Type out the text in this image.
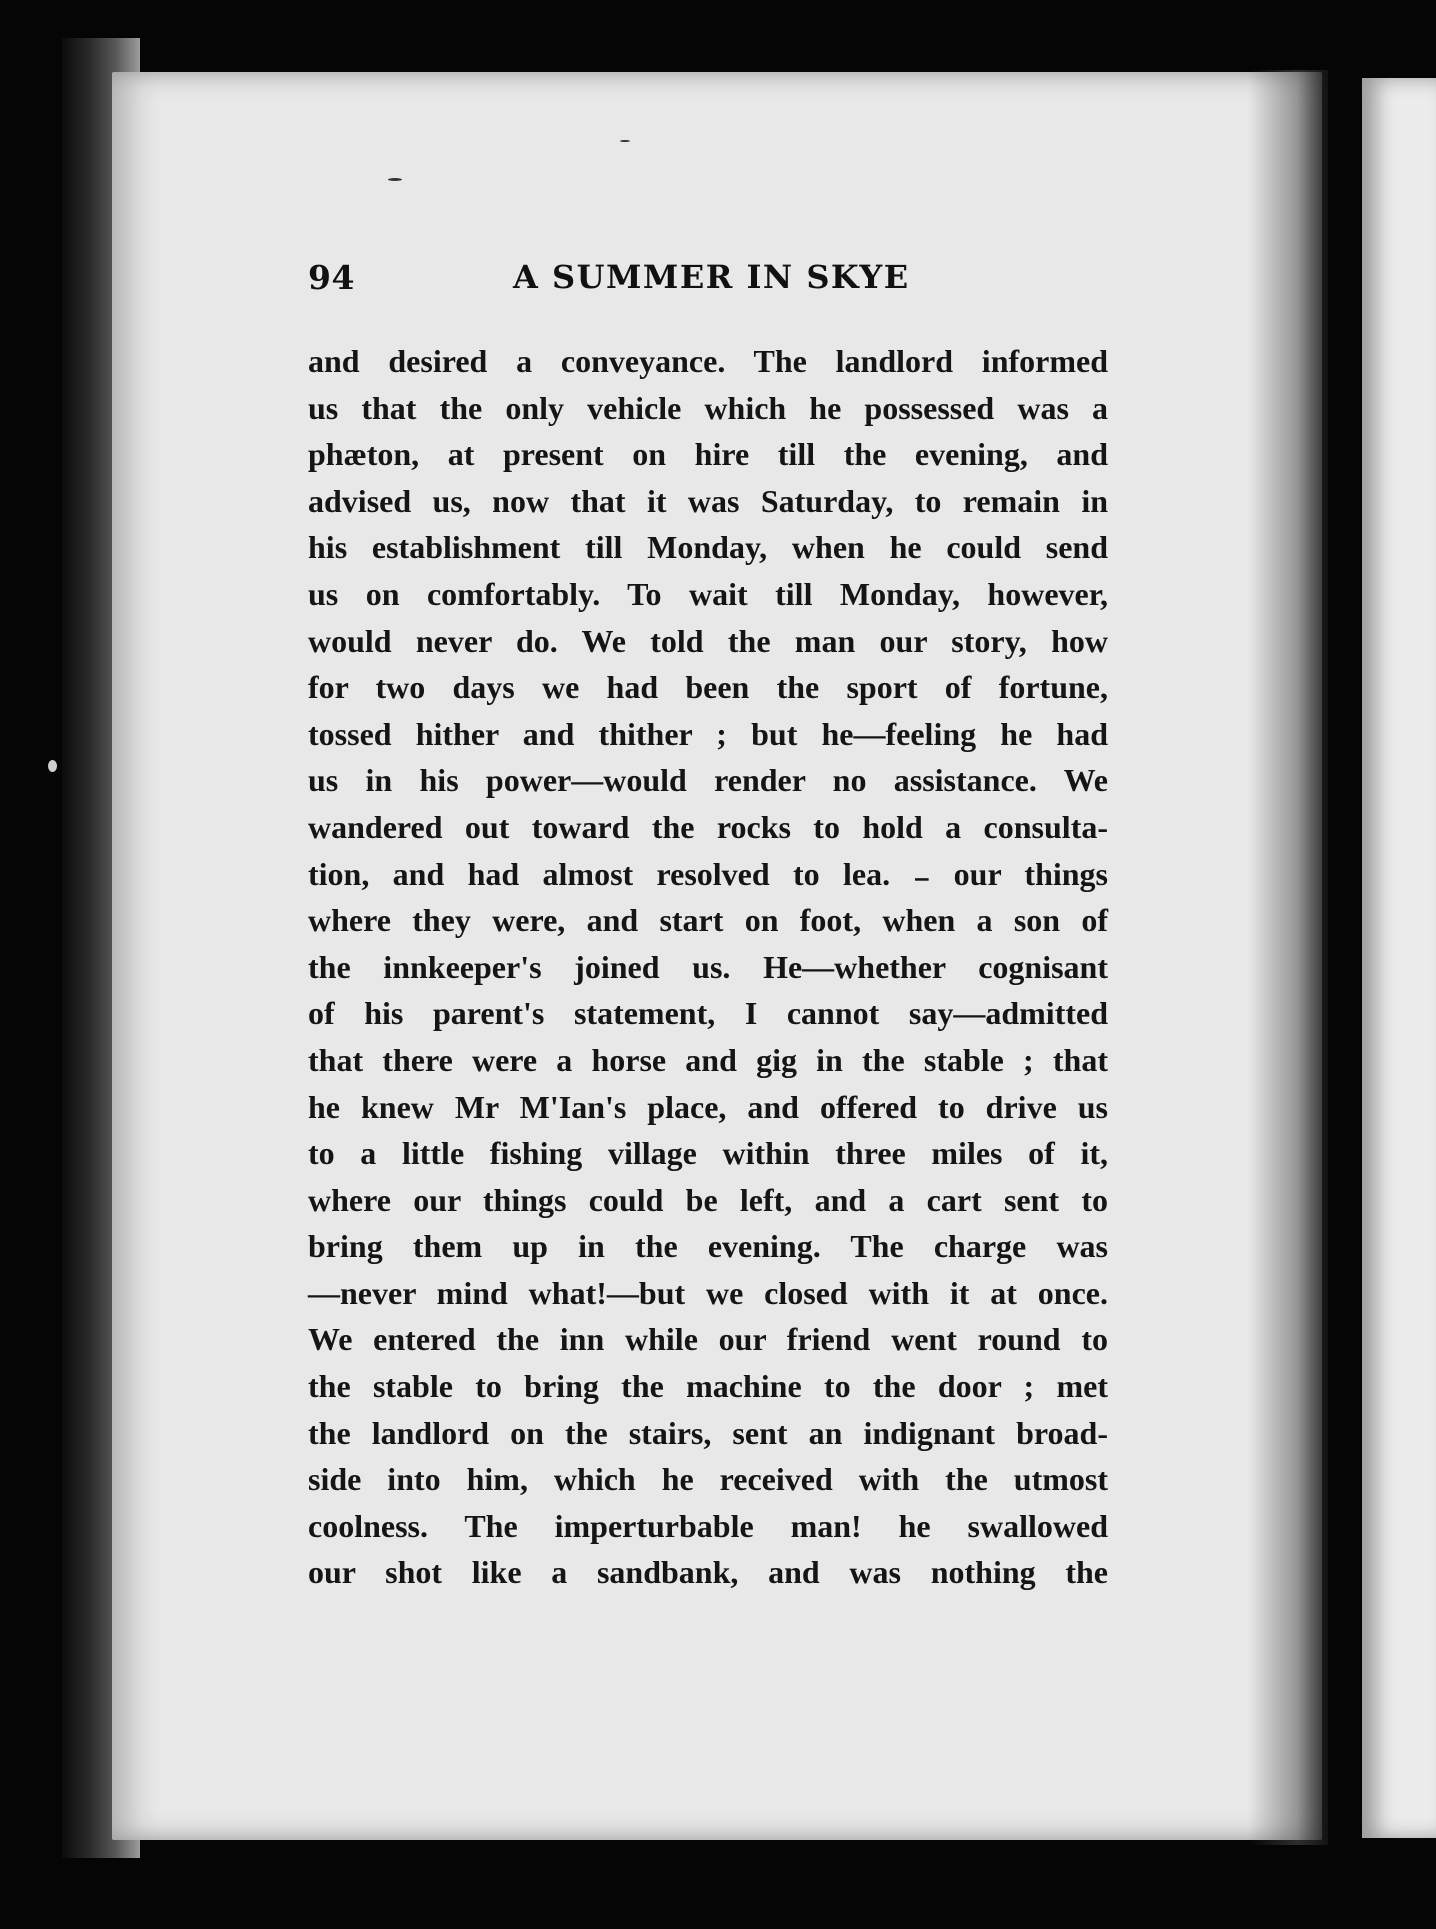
94	A SUMMER IN SKYE
and desired a conveyance. The landlord informed
us that the only vehicle which he possessed was a
phæton, at present on hire till the evening, and
advised us, now that it was Saturday, to remain in
his establishment till Monday, when he could send
us on comfortably. To wait till Monday, however,
would never do. We told the man our story, how
for two days we had been the sport of fortune,
tossed hither and thither ; but he—feeling he had
us in his power—would render no assistance. We
wandered out toward the rocks to hold a consulta-
tion, and had almost resolved to lea. ₋ our things
where they were, and start on foot, when a son of
the innkeeper's joined us. He—whether cognisant
of his parent's statement, I cannot say—admitted
that there were a horse and gig in the stable ; that
he knew Mr M'Ian's place, and offered to drive us
to a little fishing village within three miles of it,
where our things could be left, and a cart sent to
bring them up in the evening. The charge was
—never mind what!—but we closed with it at once.
We entered the inn while our friend went round to
the stable to bring the machine to the door ; met
the landlord on the stairs, sent an indignant broad-
side into him, which he received with the utmost
coolness. The imperturbable man! he swallowed
our shot like a sandbank, and was nothing the
